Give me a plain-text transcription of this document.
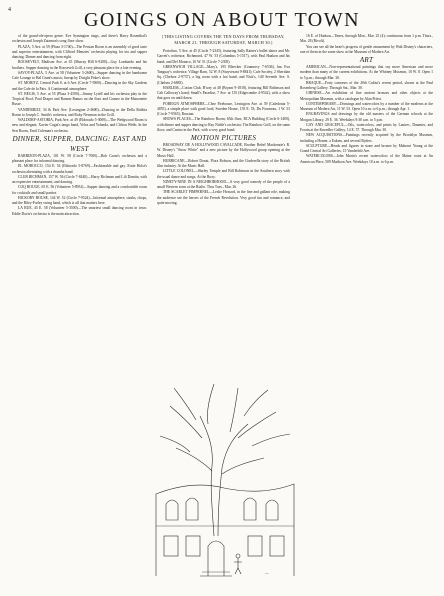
4	GOINGS ON ABOUT TOWN

of the grand-ole-opera genre. Eve Symington sings, and there's Harry Rosenthal's orchestra and Joseph Zatzman's song floor show.

PLAZA, 5 Ave. at 59 (Plaza 3-1740)—The Persian Room is an assembly of good taste and superior entertainment, with Clifford Menzies' orchestra playing for tea and supper dancing. Dinner and dancing from eight.

ROOSEVELT, Madison Ave. at 45 (Murray Hill 6-9200)—Guy Lombardo and his brothers. Supper dancing in the Roosevelt Grill, a very pleasant place for a late evening.

SAVOY-PLAZA, 5 Ave. at 58 (Volunteer 5-2600)—Supper dancing in the handsome Cafe Lounge to Hal Grant's music, lineup by Dwight Fiske's show.

ST. MORITZ, Central Park S. at 6 Ave. (Circle 7-5800)—Dancing in the Sky Gardens and the Cafe de la Paix. A Continental atmosphere.

ST. REGIS, 5 Ave. at 55 (Plaza 3-4500)—Jimmy Lytell and his orchestra play in the Tropical Roof; Paul Draper and Ramon Ramos on the floor and Gomez in the Maisonette Russe.

VANDERBILT, 34 & Park Ave. (Lexington 2-4600)—Dancing in the Della Robbia Room to Joseph C. Smith's orchestra, and Ruby Newman in the Grill.

WALDORF-ASTORIA, Park Ave. at 49 (Eldorado 5-3000)—The Wedgwood Room is new and elegant; Xavier Cugat's tango band, Veloz and Yolanda, and Clifton Webb. In the Sert Room, Emil Coleman's orchestra.

DINNER, SUPPER, DANCING: EAST AND WEST

BARBIZON-PLAZA, 101 W. 58 (Circle 7-7000)—Bob Grant's orchestra and a pleasant place for informal dancing.

EL MOROCCO, 154 E. 54 (Eldorado 5-8769)—Fashionable and gay. Ernie Holst's orchestra alternating with a rhumba band.

CLUB RICHMAN, 157 W. 56 (Circle 7-8440)—Harry Richman and Lili Damita, with an expensive entertainment, and dancing.

COQ ROUGE, 65 E. 56 (Volunteer 5-8952)—Supper dancing and a comfortable room for cocktails and small parties.

HICKORY HOUSE, 144 W. 52 (Circle 7-9524)—Informal atmosphere, steaks, chops, and the Riley-Farley swing band, which is all that matters here.

LA RUE, 45 E. 58 (Volunteer 5-3500)—The smartest small dancing room in town. Eddie Davis's orchestra is the main attraction.

[THIS LISTING COVERS THE TEN DAYS FROM THURSDAY, MARCH 21, THROUGH SATURDAY, MARCH 30.]

Portofino, 5 Ave. at 45 (Circle 7-2345), featuring Sally Raines's ballet dance and Mr. Garrett's orchestra; Richmond, 47 W. 53 (Columbus 5-1517), with Paul Haakon and his band; and Del Monaco, 16 W. 51 (Circle 7-2305).

GREENWICH VILLAGE—Mary's, 195 Bleecker (Gramercy 7-6536), has Eva Tanguay's orchestra; Village Barn, 52 W. 8 (Stuyvesant 9-8841); Cafe Society, 2 Sheridan Sq. (Chelsea 2-9737), a big room with a hot band; and Nick's, 140 Seventh Ave. S. (Chelsea 2-6883).

HARLEM—Cotton Club, B'way at 48 (Bryant 9-1818), featuring Bill Robinson and Cab Calloway's band; Small's Paradise, 7 Ave. at 135 (Edgecombe 4-9542), with a show that goes on until dawn.

FOREIGN ATMOSPHERE—Chez Firehouse, Lexington Ave. at 39 (Caledonia 5-4855), a simple place with good food; Sweden House, 155 E. 53; Du Fourneau, 1 W. 53 (Circle 7-9565), Russian.

SHOWS PLACES—The Rainbow Room, 65th floor, RCA Building (Circle 6-1400), with dinner and supper dancing to Ray Noble's orchestra; The Rainbow Grill, on the same floor; and Casino in the Park, with a very good band.

MOTION PICTURES

BROADWAY DE A HOLLYWOOD CAVALCADE, Brother Rebel Mackenzie's R. W. Disney's "Snow White" and a new picture by the Hollywood group opening at the Music Hall.

HURRICANE—Robert Donat, Flora Robson, and the Cinderella story of the British film industry. At the Music Hall.

LITTLE COLONEL—Shirley Temple and Bill Robinson in the Southern story with the usual dance and songs. At the Roxy.

NINETY-NINE IN A NEIGHBORHOOD—A very good comedy of the people of a small Western town at the Rialto. Thru Tues., Mar. 26.

THE SCARLET PIMPERNEL—Leslie Howard, in the fine and gallant role, making the audience see the heroes of the French Revolution. Very good fun and romance, and quite moving.

16 E. of Hudson—Times, through Mon., Mar. 25 (4); continuous from 1 p.m. Thurs., Mar. 28 (Rivoli).

You can see all the heart's progress of gentle amusement by Walt Disney's characters, one of them in the same show at the Museum of Modern Art.

ART

AMERICAN—Non-representational paintings that say more American and more modern than many of the current exhibitions. At the Whitney Museum, 10 W. 8. Open 1 to 5 p.m.; through Mar. 30.

BRAQUE—Forty canvases of the 20th Cubist's recent period, shown at the Paul Rosenberg Gallery. Through Sat., Mar. 30.

CHINESE—An exhibition of fine ancient bronzes and other objects at the Metropolitan Museum, with a catalogue by Alan Priest.

CONTEMPORARY—Drawings and watercolors by a number of the moderns at the Museum of Modern Art, 11 W. 53. Open 10 a.m. to 6 p.m.; through Apr. 1.

ENGRAVINGS and drawings by the old masters of the German schools at the Morgan Library, 29 E. 36. Weekdays 9:30 a.m. to 5 p.m.

GAY AND GRACEFUL—Oils, watercolors, and prints by Lautrec, Daumier, and Forain at the Knoedler Gallery, 14 E. 57. Through Mar. 30.

NEW ACQUISITIONS—Paintings recently acquired by the Brooklyn Museum, including a Homer, a Eakins, and several Ryders.

SCULPTURE—Heads and figures in stone and bronze by Mahonri Young at the Grand Central Art Galleries, 15 Vanderbilt Ave.

WATERCOLORS—John Marin's recent watercolors of the Maine coast at An American Place, 509 Madison Ave. Weekdays 10 a.m. to 6 p.m.

—
